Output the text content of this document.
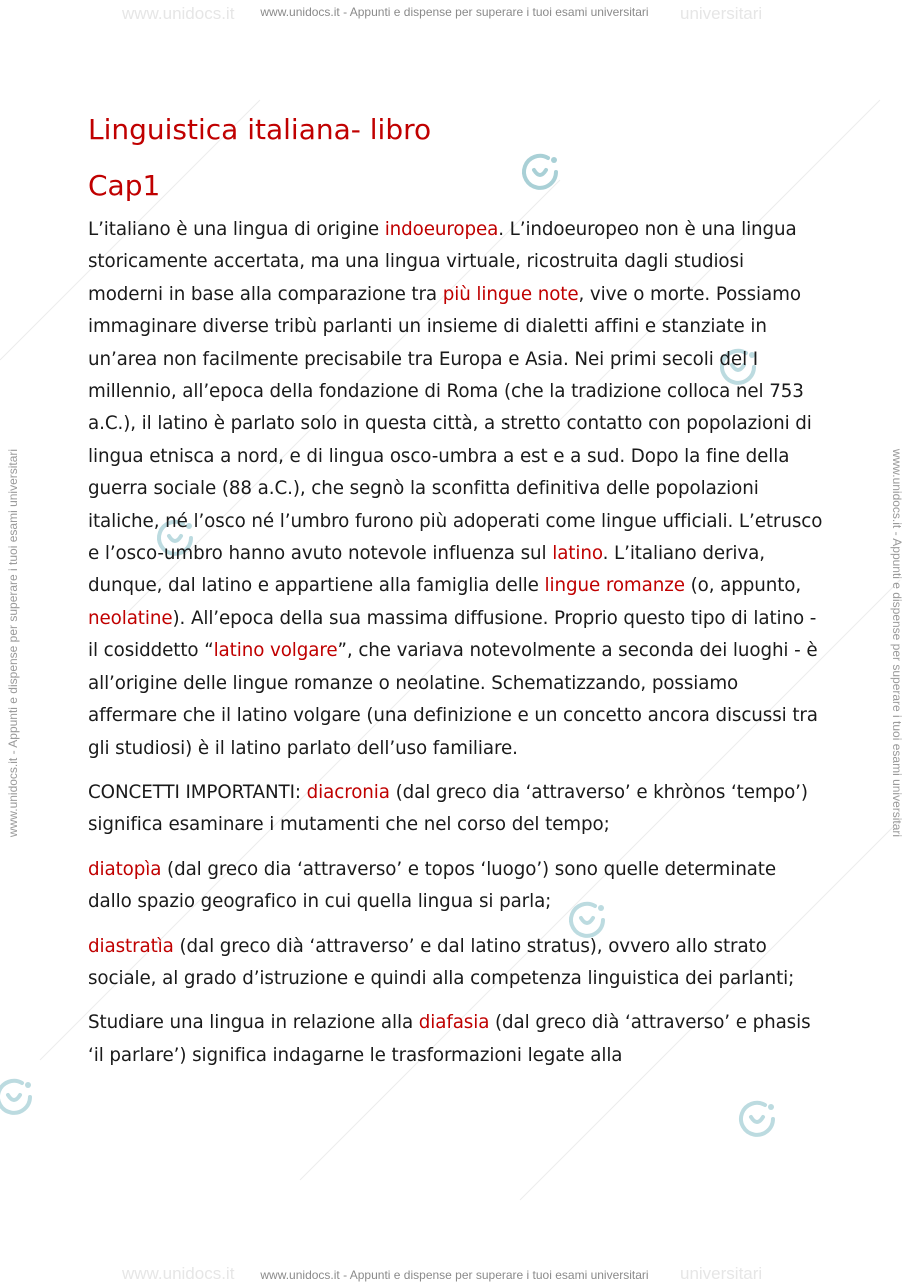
www.unidocs.it	universitari
www.unidocs.it	universitari
www.unidocs.it - Appunti e dispense per superare i tuoi esami universitari
www.unidocs.it - Appunti e dispense per superare i tuoi esami universitari
www.unidocs.it - Appunti e dispense per superare i tuoi esami universitari	www.unidocs.it - Appunti e dispense per superare i tuoi esami universitari
Linguistica italiana- libro
Cap1

L’italiano è una lingua di origine indoeuropea. L’indoeuropeo non è una lingua storicamente accertata, ma una lingua virtuale, ricostruita dagli studiosi moderni in base alla comparazione tra più lingue note, vive o morte. Possiamo immaginare diverse tribù parlanti un insieme di dialetti affini e stanziate in un’area non facilmente precisabile tra Europa e Asia. Nei primi secoli del I millennio, all’epoca della fondazione di Roma (che la tradizione colloca nel 753 a.C.), il latino è parlato solo in questa città, a stretto contatto con popolazioni di lingua etnisca a nord, e di lingua osco-umbra a est e a sud. Dopo la fine della guerra sociale (88 a.C.), che segnò la sconfitta definitiva delle popolazioni italiche, né l’osco né l’umbro furono più adoperati come lingue ufficiali. L’etrusco e l’osco-umbro hanno avuto notevole influenza sul latino. L’italiano deriva, dunque, dal latino e appartiene alla famiglia delle lingue romanze (o, appunto, neolatine). All’epoca della sua massima diffusione. Proprio questo tipo di latino - il cosiddetto “latino volgare”, che variava notevolmente a seconda dei luoghi - è all’origine delle lingue romanze o neolatine. Schematizzando, possiamo affermare che il latino volgare (una definizione e un concetto ancora discussi tra gli studiosi) è il latino parlato dell’uso familiare.

CONCETTI IMPORTANTI: diacronia (dal greco dia ‘attraverso’ e khrònos ‘tempo’) significa esaminare i mutamenti che nel corso del tempo;

diatopìa (dal greco dia ‘attraverso’ e topos ‘luogo’) sono quelle determinate dallo spazio geografico in cui quella lingua si parla;

diastratìa (dal greco dià ‘attraverso’ e dal latino stratus), ovvero allo strato sociale, al grado d’istruzione e quindi alla competenza linguistica dei parlanti;

Studiare una lingua in relazione alla diafasia (dal greco dià ‘attraverso’ e phasis ‘il parlare’) significa indagarne le trasformazioni legate alla
